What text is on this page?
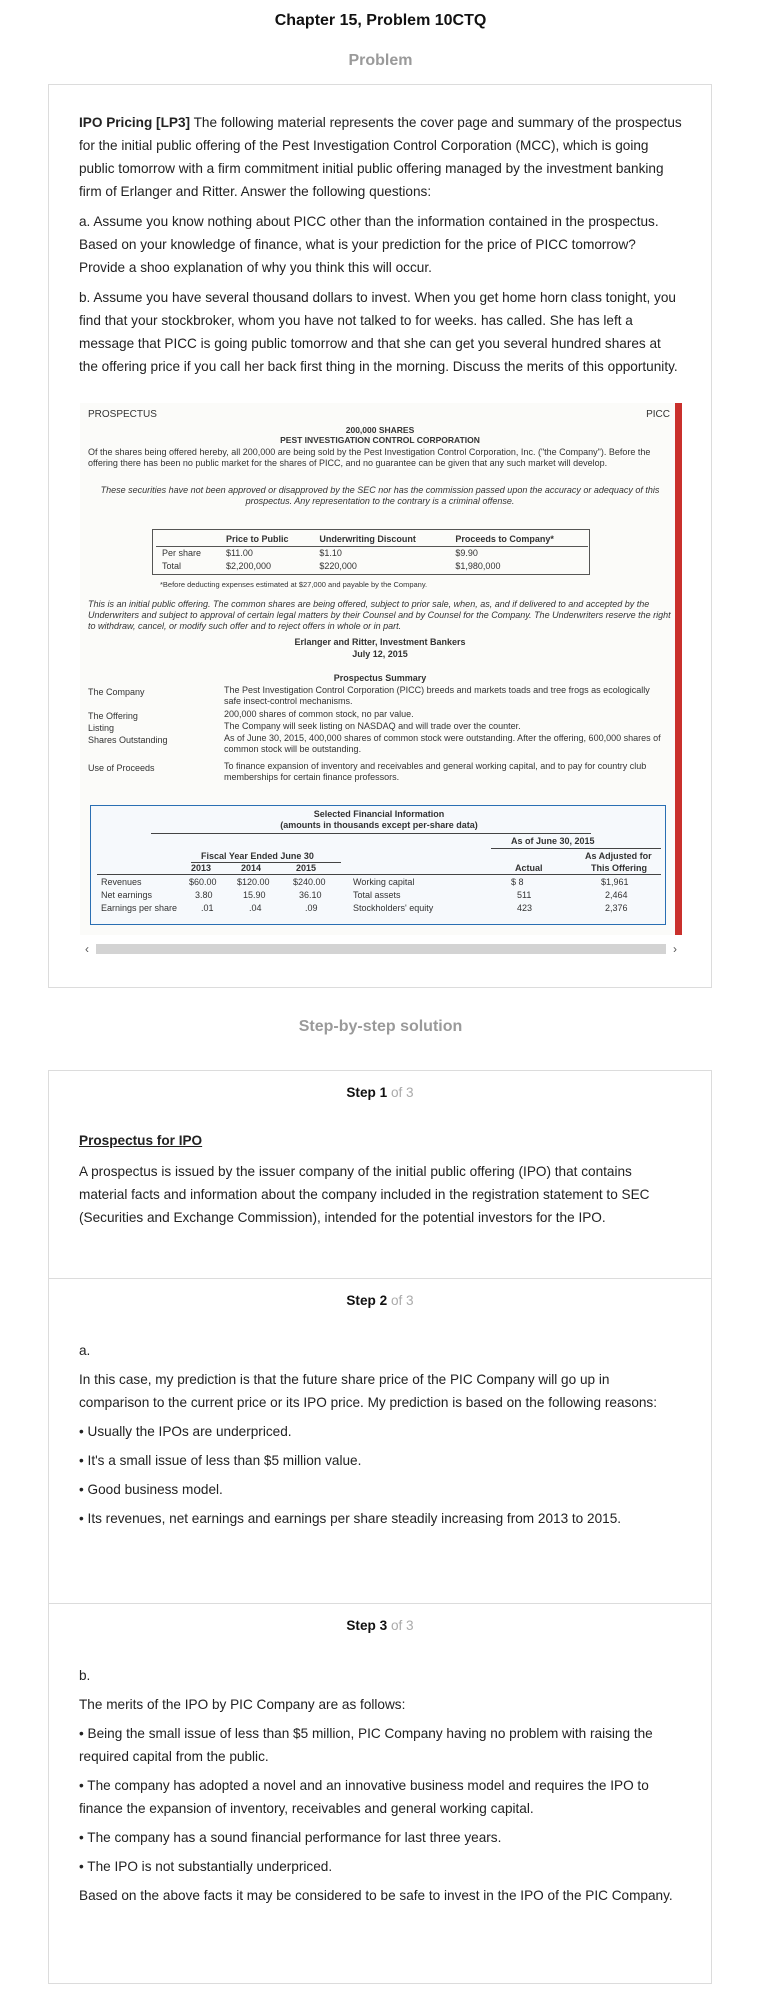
Chapter 15, Problem 10CTQ
Problem

IPO Pricing [LP3] The following material represents the cover page and summary of the prospectus for the initial public offering of the Pest Investigation Control Corporation (MCC), which is going public tomorrow with a firm commitment initial public offering managed by the investment banking firm of Erlanger and Ritter. Answer the following questions:

a. Assume you know nothing about PICC other than the information contained in the prospectus. Based on your knowledge of finance, what is your prediction for the price of PICC tomorrow? Provide a shoo explanation of why you think this will occur.

b. Assume you have several thousand dollars to invest. When you get home horn class tonight, you find that your stockbroker, whom you have not talked to for weeks. has called. She has left a message that PICC is going public tomorrow and that she can get you several hundred shares at the offering price if you call her back first thing in the morning. Discuss the merits of this opportunity.

PROSPECTUS	PICC
200,000 SHARES
PEST INVESTIGATION CONTROL CORPORATION
Of the shares being offered hereby, all 200,000 are being sold by the Pest Investigation Control Corporation, Inc. ("the Company"). Before the offering there has been no public market for the shares of PICC, and no guarantee can be given that any such market will develop.
These securities have not been approved or disapproved by the SEC nor has the commission passed upon the accuracy or adequacy of this prospectus. Any representation to the contrary is a criminal offense.
	Price to Public	Underwriting Discount	Proceeds to Company*
Per share	$11.00	$1.10	$9.90
Total	$2,200,000	$220,000	$1,980,000
*Before deducting expenses estimated at $27,000 and payable by the Company.
This is an initial public offering. The common shares are being offered, subject to prior sale, when, as, and if delivered to and accepted by the Underwriters and subject to approval of certain legal matters by their Counsel and by Counsel for the Company. The Underwriters reserve the right to withdraw, cancel, or modify such offer and to reject offers in whole or in part.
Erlanger and Ritter, Investment Bankers
July 12, 2015
Prospectus Summary
The Company	The Pest Investigation Control Corporation (PICC) breeds and markets toads and tree frogs as ecologically safe insect-control mechanisms.
The Offering	200,000 shares of common stock, no par value.
Listing	The Company will seek listing on NASDAQ and will trade over the counter.
Shares Outstanding	As of June 30, 2015, 400,000 shares of common stock were outstanding. After the offering, 600,000 shares of common stock will be outstanding.
Use of Proceeds	To finance expansion of inventory and receivables and general working capital, and to pay for country club memberships for certain finance professors.
Selected Financial Information
(amounts in thousands except per-share data)
As of June 30, 2015
As Adjusted for
Fiscal Year Ended June 30
2013	2014	2015	Actual	This Offering
Revenues	$60.00 $120.00	$240.00	Working capital	$ 8	$1,961
Net earnings	3.80	15.90	36.10	Total assets	511	2,464
Earnings per share	.01	.04	.09	Stockholders' equity	423	2,376
‹	›
Step-by-step solution
Step 1 of 3
Prospectus for IPO

A prospectus is issued by the issuer company of the initial public offering (IPO) that contains material facts and information about the company included in the registration statement to SEC (Securities and Exchange Commission), intended for the potential investors for the IPO.

Step 2 of 3

a.

In this case, my prediction is that the future share price of the PIC Company will go up in comparison to the current price or its IPO price. My prediction is based on the following reasons:

• Usually the IPOs are underpriced.

• It's a small issue of less than $5 million value.

• Good business model.

• Its revenues, net earnings and earnings per share steadily increasing from 2013 to 2015.

Step 3 of 3

b.

The merits of the IPO by PIC Company are as follows:

• Being the small issue of less than $5 million, PIC Company having no problem with raising the required capital from the public.

• The company has adopted a novel and an innovative business model and requires the IPO to finance the expansion of inventory, receivables and general working capital.

• The company has a sound financial performance for last three years.

• The IPO is not substantially underpriced.

Based on the above facts it may be considered to be safe to invest in the IPO of the PIC Company.
